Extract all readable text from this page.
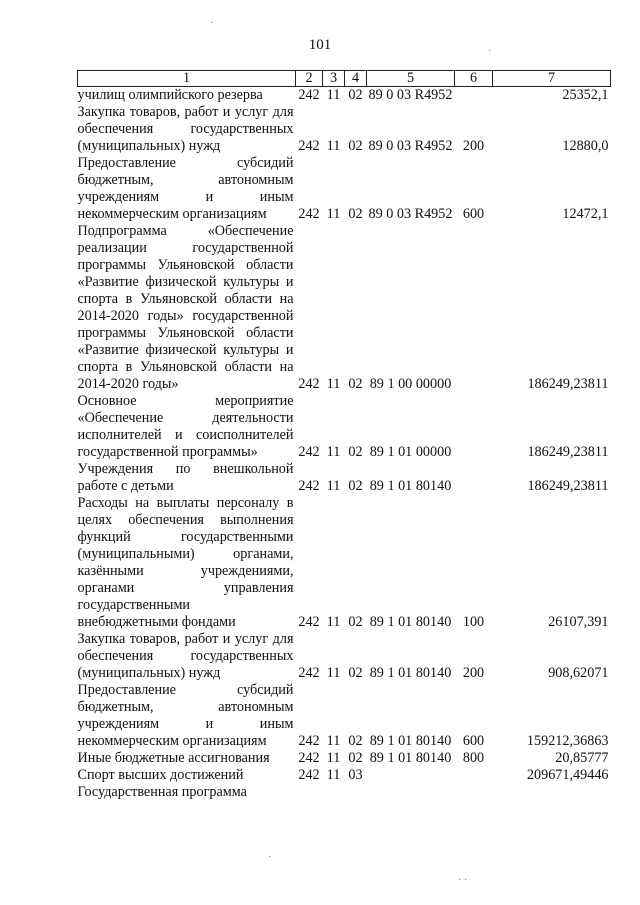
101
1	2	3	4	5	6	7
училищ олимпийского резерва	242	11	02	89 0 03 R4952		25352,1
Закупка товаров, работ и услуг для обеспечения государственных (муниципальных) нужд	242	11	02	89 0 03 R4952	200	12880,0
Предоставление субсидий бюджетным, автономным учреждениям и иным некоммерческим организациям	242	11	02	89 0 03 R4952	600	12472,1
Подпрограмма «Обеспечение реализации государственной программы Ульяновской области «Развитие физической культуры и спорта в Ульяновской области на 2014-2020 годы» государственной программы Ульяновской области «Развитие физической культуры и спорта в Ульяновской области на 2014-2020 годы»	242	11	02	89 1 00 00000		186249,23811
Основное мероприятие «Обеспечение деятельности исполнителей и соисполнителей государственной программы»	242	11	02	89 1 01 00000		186249,23811
Учреждения по внешкольной работе с детьми	242	11	02	89 1 01 80140		186249,23811
Расходы на выплаты персоналу в целях обеспечения выполнения функций государственными (муниципальными) органами, казёнными учреждениями, органами управления государственными внебюджетными фондами	242	11	02	89 1 01 80140	100	26107,391
Закупка товаров, работ и услуг для обеспечения государственных (муниципальных) нужд	242	11	02	89 1 01 80140	200	908,62071
Предоставление субсидий бюджетным, автономным учреждениям и иным некоммерческим организациям	242	11	02	89 1 01 80140	600	159212,36863
Иные бюджетные ассигнования	242	11	02	89 1 01 80140	800	20,85777
Спорт высших достижений	242	11	03			209671,49446
Государственная программа						
·
·
· ·
·
